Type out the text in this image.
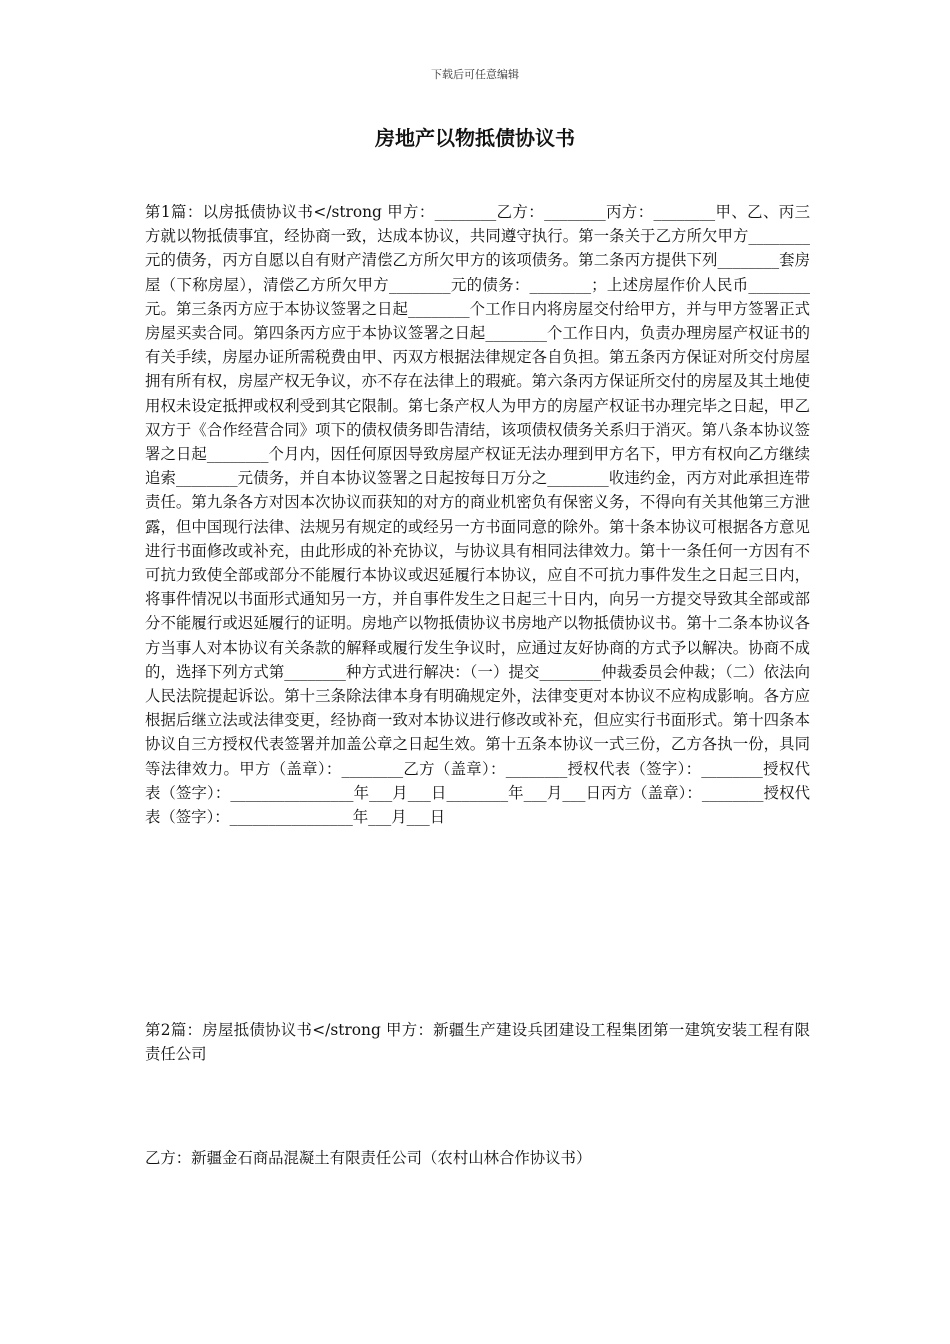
下载后可任意编辑
房地产以物抵债协议书

第1篇：以房抵债协议书</strong 甲方：________乙方：________丙方：________甲、乙、丙三方就以物抵债事宜，经协商一致，达成本协议，共同遵守执行。第一条关于乙方所欠甲方________元的债务，丙方自愿以自有财产清偿乙方所欠甲方的该项债务。第二条丙方提供下列________套房屋（下称房屋），清偿乙方所欠甲方________元的债务：________；上述房屋作价人民币________元。第三条丙方应于本协议签署之日起________个工作日内将房屋交付给甲方，并与甲方签署正式房屋买卖合同。第四条丙方应于本协议签署之日起________个工作日内，负责办理房屋产权证书的有关手续，房屋办证所需税费由甲、丙双方根据法律规定各自负担。第五条丙方保证对所交付房屋拥有所有权，房屋产权无争议，亦不存在法律上的瑕疵。第六条丙方保证所交付的房屋及其土地使用权未设定抵押或权利受到其它限制。第七条产权人为甲方的房屋产权证书办理完毕之日起，甲乙双方于《合作经营合同》项下的债权债务即告清结，该项债权债务关系归于消灭。第八条本协议签署之日起________个月内，因任何原因导致房屋产权证无法办理到甲方名下，甲方有权向乙方继续追索________元债务，并自本协议签署之日起按每日万分之________收违约金，丙方对此承担连带责任。第九条各方对因本次协议而获知的对方的商业机密负有保密义务，不得向有关其他第三方泄露，但中国现行法律、法规另有规定的或经另一方书面同意的除外。第十条本协议可根据各方意见进行书面修改或补充，由此形成的补充协议，与协议具有相同法律效力。第十一条任何一方因有不可抗力致使全部或部分不能履行本协议或迟延履行本协议，应自不可抗力事件发生之日起三日内，将事件情况以书面形式通知另一方，并自事件发生之日起三十日内，向另一方提交导致其全部或部分不能履行或迟延履行的证明。房地产以物抵债协议书房地产以物抵债协议书。第十二条本协议各方当事人对本协议有关条款的解释或履行发生争议时，应通过友好协商的方式予以解决。协商不成的，选择下列方式第________种方式进行解决：（一）提交________仲裁委员会仲裁；（二）依法向人民法院提起诉讼。第十三条除法律本身有明确规定外，法律变更对本协议不应构成影响。各方应根据后继立法或法律变更，经协商一致对本协议进行修改或补充，但应实行书面形式。第十四条本协议自三方授权代表签署并加盖公章之日起生效。第十五条本协议一式三份，乙方各执一份，具同等法律效力。甲方（盖章）：________乙方（盖章）：________授权代表（签字）：________授权代表（签字）：________________年___月___日________年___月___日丙方（盖章）：________授权代表（签字）：________________年___月___日

第2篇：房屋抵债协议书</strong 甲方：新疆生产建设兵团建设工程集团第一建筑安装工程有限责任公司

乙方：新疆金石商品混凝土有限责任公司（农村山林合作协议书）
